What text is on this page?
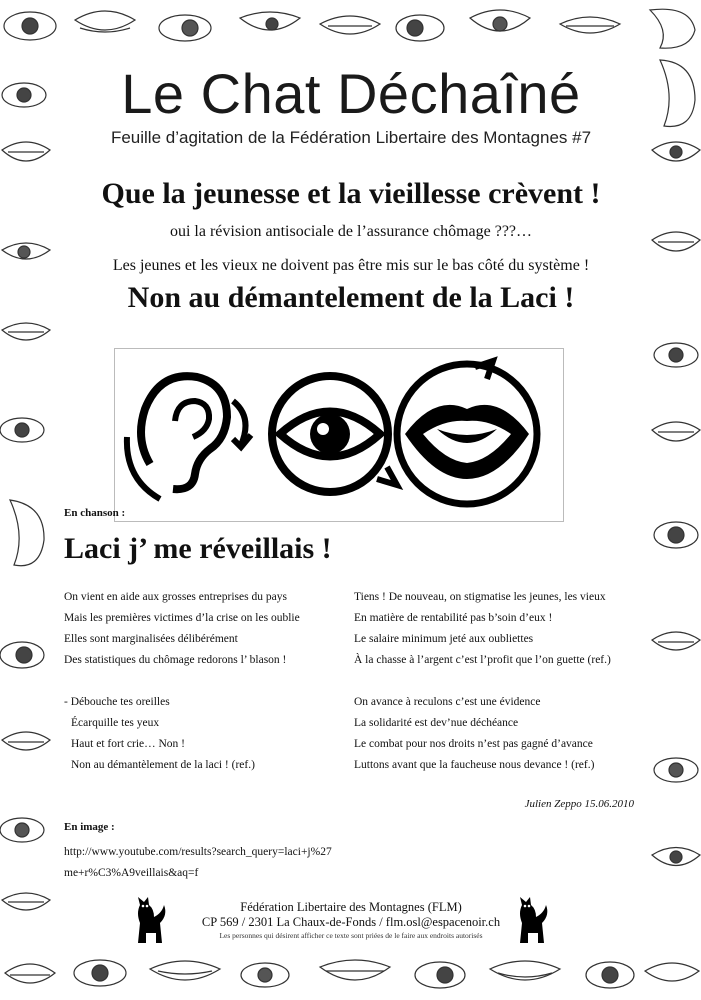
Le Chat Déchaîné
Feuille d’agitation de la Fédération Libertaire des Montagnes #7
Que la jeunesse et la vieillesse crèvent !
oui la révision antisociale de l’assurance chômage ???…
Les jeunes et les vieux ne doivent pas être mis sur le bas côté du système !
Non au démantelement de la Laci !
En chanson :
Laci j’ me réveillais !
On vient en aide aux grosses entreprises du pays
Mais les premières victimes d’la crise on les oublie
Elles sont marginalisées délibérément
Des statistiques du chômage redorons l’ blason !
- Débouche tes oreilles
Écarquille tes yeux
Haut et fort crie… Non !
Non au démantèlement de la laci ! (ref.)
Tiens ! De nouveau, on stigmatise les jeunes, les vieux
En matière de rentabilité pas b’soin d’eux !
Le salaire minimum jeté aux oubliettes
À la chasse à l’argent c’est l’profit que l’on guette (ref.)
On avance à reculons c’est une évidence
La solidarité est dev’nue déchéance
Le combat pour nos droits n’est pas gagné d’avance
Luttons avant que la faucheuse nous devance ! (ref.)
Julien Zeppo 15.06.2010
En image :
http://www.youtube.com/results?search_query=laci+j%27
me+r%C3%A9veillais&aq=f
Fédération Libertaire des Montagnes (FLM)
CP 569 / 2301 La Chaux-de-Fonds / flm.osl@espacenoir.ch
Les personnes qui désirent afficher ce texte sont priées de le faire aux endroits autorisés
